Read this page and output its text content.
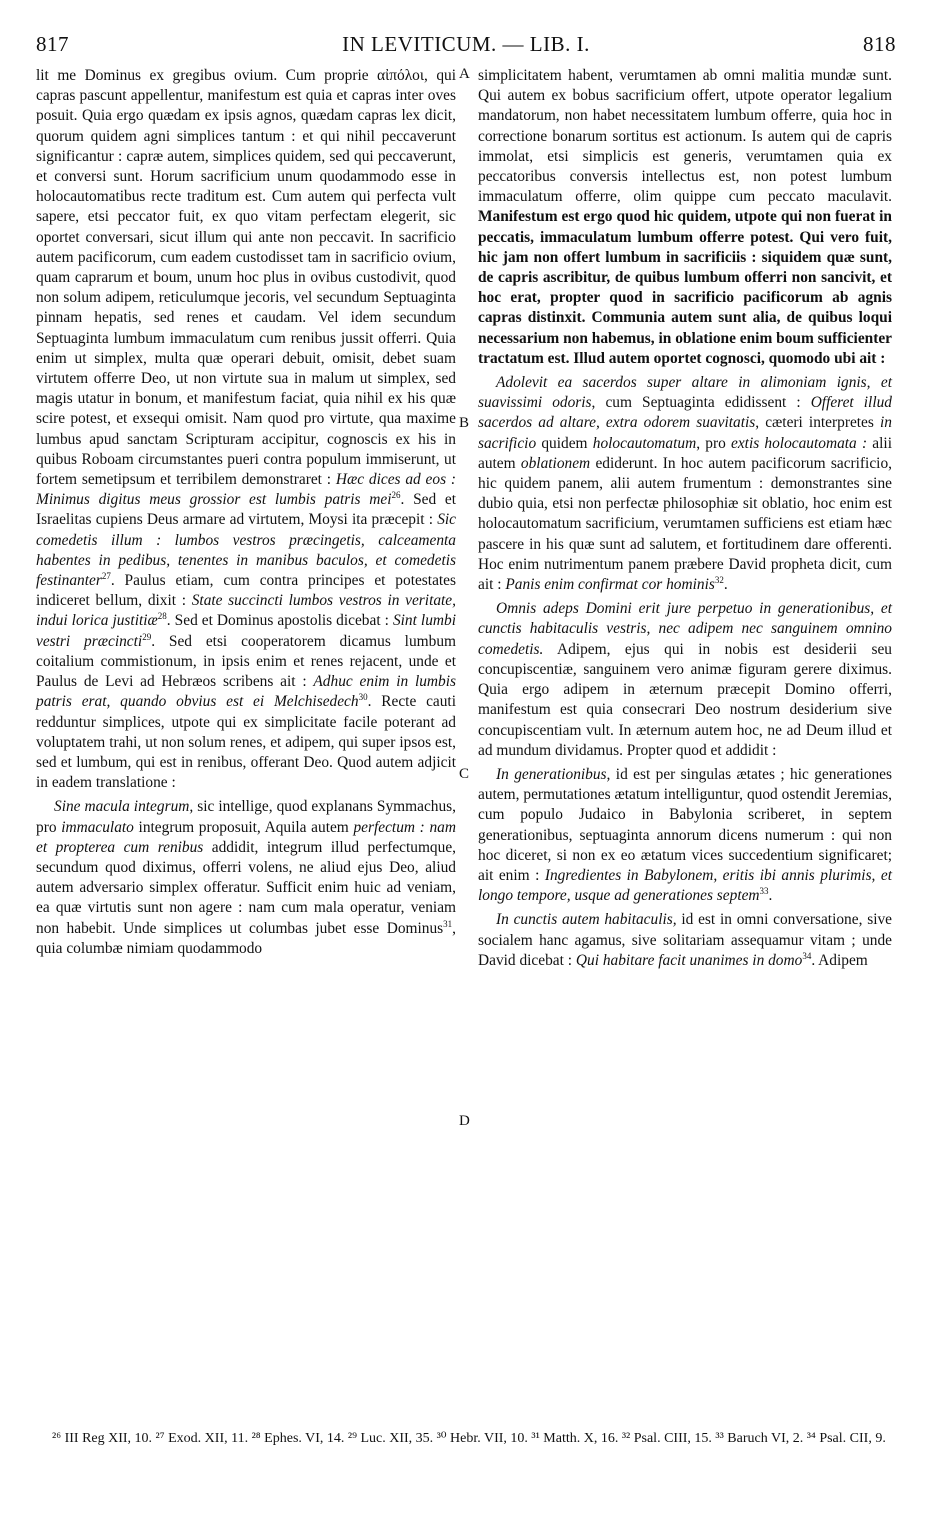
817	IN LEVITICUM. — LIB. I.	818
A
B
C
D

lit me Dominus ex gregibus ovium. Cum proprie αἰπόλοι, qui capras pascunt appellentur, manifestum est quia et capras inter oves posuit. Quia ergo quædam ex ipsis agnos, quædam capras lex dicit, quorum quidem agni simplices tantum : et qui nihil peccaverunt significantur : capræ autem, simplices quidem, sed qui peccaverunt, et conversi sunt. Horum sacrificium unum quodammodo esse in holocautomatibus recte traditum est. Cum autem qui perfecta vult sapere, etsi peccator fuit, ex quo vitam perfectam elegerit, sic oportet conversari, sicut illum qui ante non peccavit. In sacrificio autem pacificorum, cum eadem custodisset tam in sacrificio ovium, quam caprarum et boum, unum hoc plus in ovibus custodivit, quod non solum adipem, reticulumque jecoris, vel secundum Septuaginta pinnam hepatis, sed renes et caudam. Vel idem secundum Septuaginta lumbum immaculatum cum renibus jussit offerri. Quia enim ut simplex, multa quæ operari debuit, omisit, debet suam virtutem offerre Deo, ut non virtute sua in malum ut simplex, sed magis utatur in bonum, et manifestum faciat, quia nihil ex his quæ scire potest, et exsequi omisit. Nam quod pro virtute, qua maxime lumbus apud sanctam Scripturam accipitur, cognoscis ex his in quibus Roboam circumstantes pueri contra populum immiserunt, ut fortem semetipsum et terribilem demonstraret : Hæc dices ad eos : Minimus digitus meus grossior est lumbis patris mei$^{26}$. Sed et Israelitas cupiens Deus armare ad virtutem, Moysi ita præcepit : Sic comedetis illum : lumbos vestros præcingetis, calceamenta habentes in pedibus, tenentes in manibus baculos, et comedetis festinanter$^{27}$. Paulus etiam, cum contra principes et potestates indiceret bellum, dixit : State succincti lumbos vestros in veritate, indui lorica justitiæ$^{28}$. Sed et Dominus apostolis dicebat : Sint lumbi vestri præcincti$^{29}$. Sed etsi cooperatorem dicamus lumbum coitalium commistionum, in ipsis enim et renes rejacent, unde et Paulus de Levi ad Hebræos scribens ait : Adhuc enim in lumbis patris erat, quando obvius est ei Melchisedech$^{30}$. Recte cauti redduntur simplices, utpote qui ex simplicitate facile poterant ad voluptatem trahi, ut non solum renes, et adipem, qui super ipsos est, sed et lumbum, qui est in renibus, offerant Deo. Quod autem adjicit in eadem translatione :

Sine macula integrum, sic intellige, quod explanans Symmachus, pro immaculato integrum proposuit, Aquila autem perfectum : nam et propterea cum renibus addidit, integrum illud perfectumque, secundum quod diximus, offerri volens, ne aliud ejus Deo, aliud autem adversario simplex offeratur. Sufficit enim huic ad veniam, ea quæ virtutis sunt non agere : nam cum mala operatur, veniam non habebit. Unde simplices ut columbas jubet esse Dominus$^{31}$, quia columbæ nimiam quodammodo

simplicitatem habent, verumtamen ab omni malitia mundæ sunt. Qui autem ex bobus sacrificium offert, utpote operator legalium mandatorum, non habet necessitatem lumbum offerre, quia hoc in correctione bonarum sortitus est actionum. Is autem qui de capris immolat, etsi simplicis est generis, verumtamen quia ex peccatoribus conversis intellectus est, non potest lumbum immaculatum offerre, olim quippe cum peccato maculavit. Manifestum est ergo quod hic quidem, utpote qui non fuerat in peccatis, immaculatum lumbum offerre potest. Qui vero fuit, hic jam non offert lumbum in sacrificiis : siquidem quæ sunt, de capris ascribitur, de quibus lumbum offerri non sancivit, et hoc erat, propter quod in sacrificio pacificorum ab agnis capras distinxit. Communia autem sunt alia, de quibus loqui necessarium non habemus, in oblatione enim boum sufficienter tractatum est. Illud autem oportet cognosci, quomodo ubi ait :

Adolevit ea sacerdos super altare in alimoniam ignis, et suavissimi odoris, cum Septuaginta edidissent : Offeret illud sacerdos ad altare, extra odorem suavitatis, cæteri interpretes in sacrificio quidem holocautomatum, pro extis holocautomata : alii autem oblationem ediderunt. In hoc autem pacificorum sacrificio, hic quidem panem, alii autem frumentum : demonstrantes sine dubio quia, etsi non perfectæ philosophiæ sit oblatio, hoc enim est holocautomatum sacrificium, verumtamen sufficiens est etiam hæc pascere in his quæ sunt ad salutem, et fortitudinem dare offerenti. Hoc enim nutrimentum panem præbere David propheta dicit, cum ait : Panis enim confirmat cor hominis$^{32}$.

Omnis adeps Domini erit jure perpetuo in generationibus, et cunctis habitaculis vestris, nec adipem nec sanguinem omnino comedetis. Adipem, ejus qui in nobis est desiderii seu concupiscentiæ, sanguinem vero animæ figuram gerere diximus. Quia ergo adipem in æternum præcepit Domino offerri, manifestum est quia consecrari Deo nostrum desiderium sive concupiscentiam vult. In æternum autem hoc, ne ad Deum illud et ad mundum dividamus. Propter quod et addidit :

In generationibus, id est per singulas ætates ; hic generationes autem, permutationes ætatum intelliguntur, quod ostendit Jeremias, cum populo Judaico in Babylonia scriberet, in septem generationibus, septuaginta annorum dicens numerum : qui non hoc diceret, si non ex eo ætatum vices succedentium significaret; ait enim : Ingredientes in Babylonem, eritis ibi annis plurimis, et longo tempore, usque ad generationes septem$^{33}$.

In cunctis autem habitaculis, id est in omni conversatione, sive socialem hanc agamus, sive solitariam assequamur vitam ; unde David dicebat : Qui habitare facit unanimes in domo$^{34}$. Adipem

²⁶ III Reg XII, 10. ²⁷ Exod. XII, 11. ²⁸ Ephes. VI, 14. ²⁹ Luc. XII, 35. ³⁰ Hebr. VII, 10. ³¹ Matth. X, 16. ³² Psal. CIII, 15. ³³ Baruch VI, 2. ³⁴ Psal. CII, 9.
